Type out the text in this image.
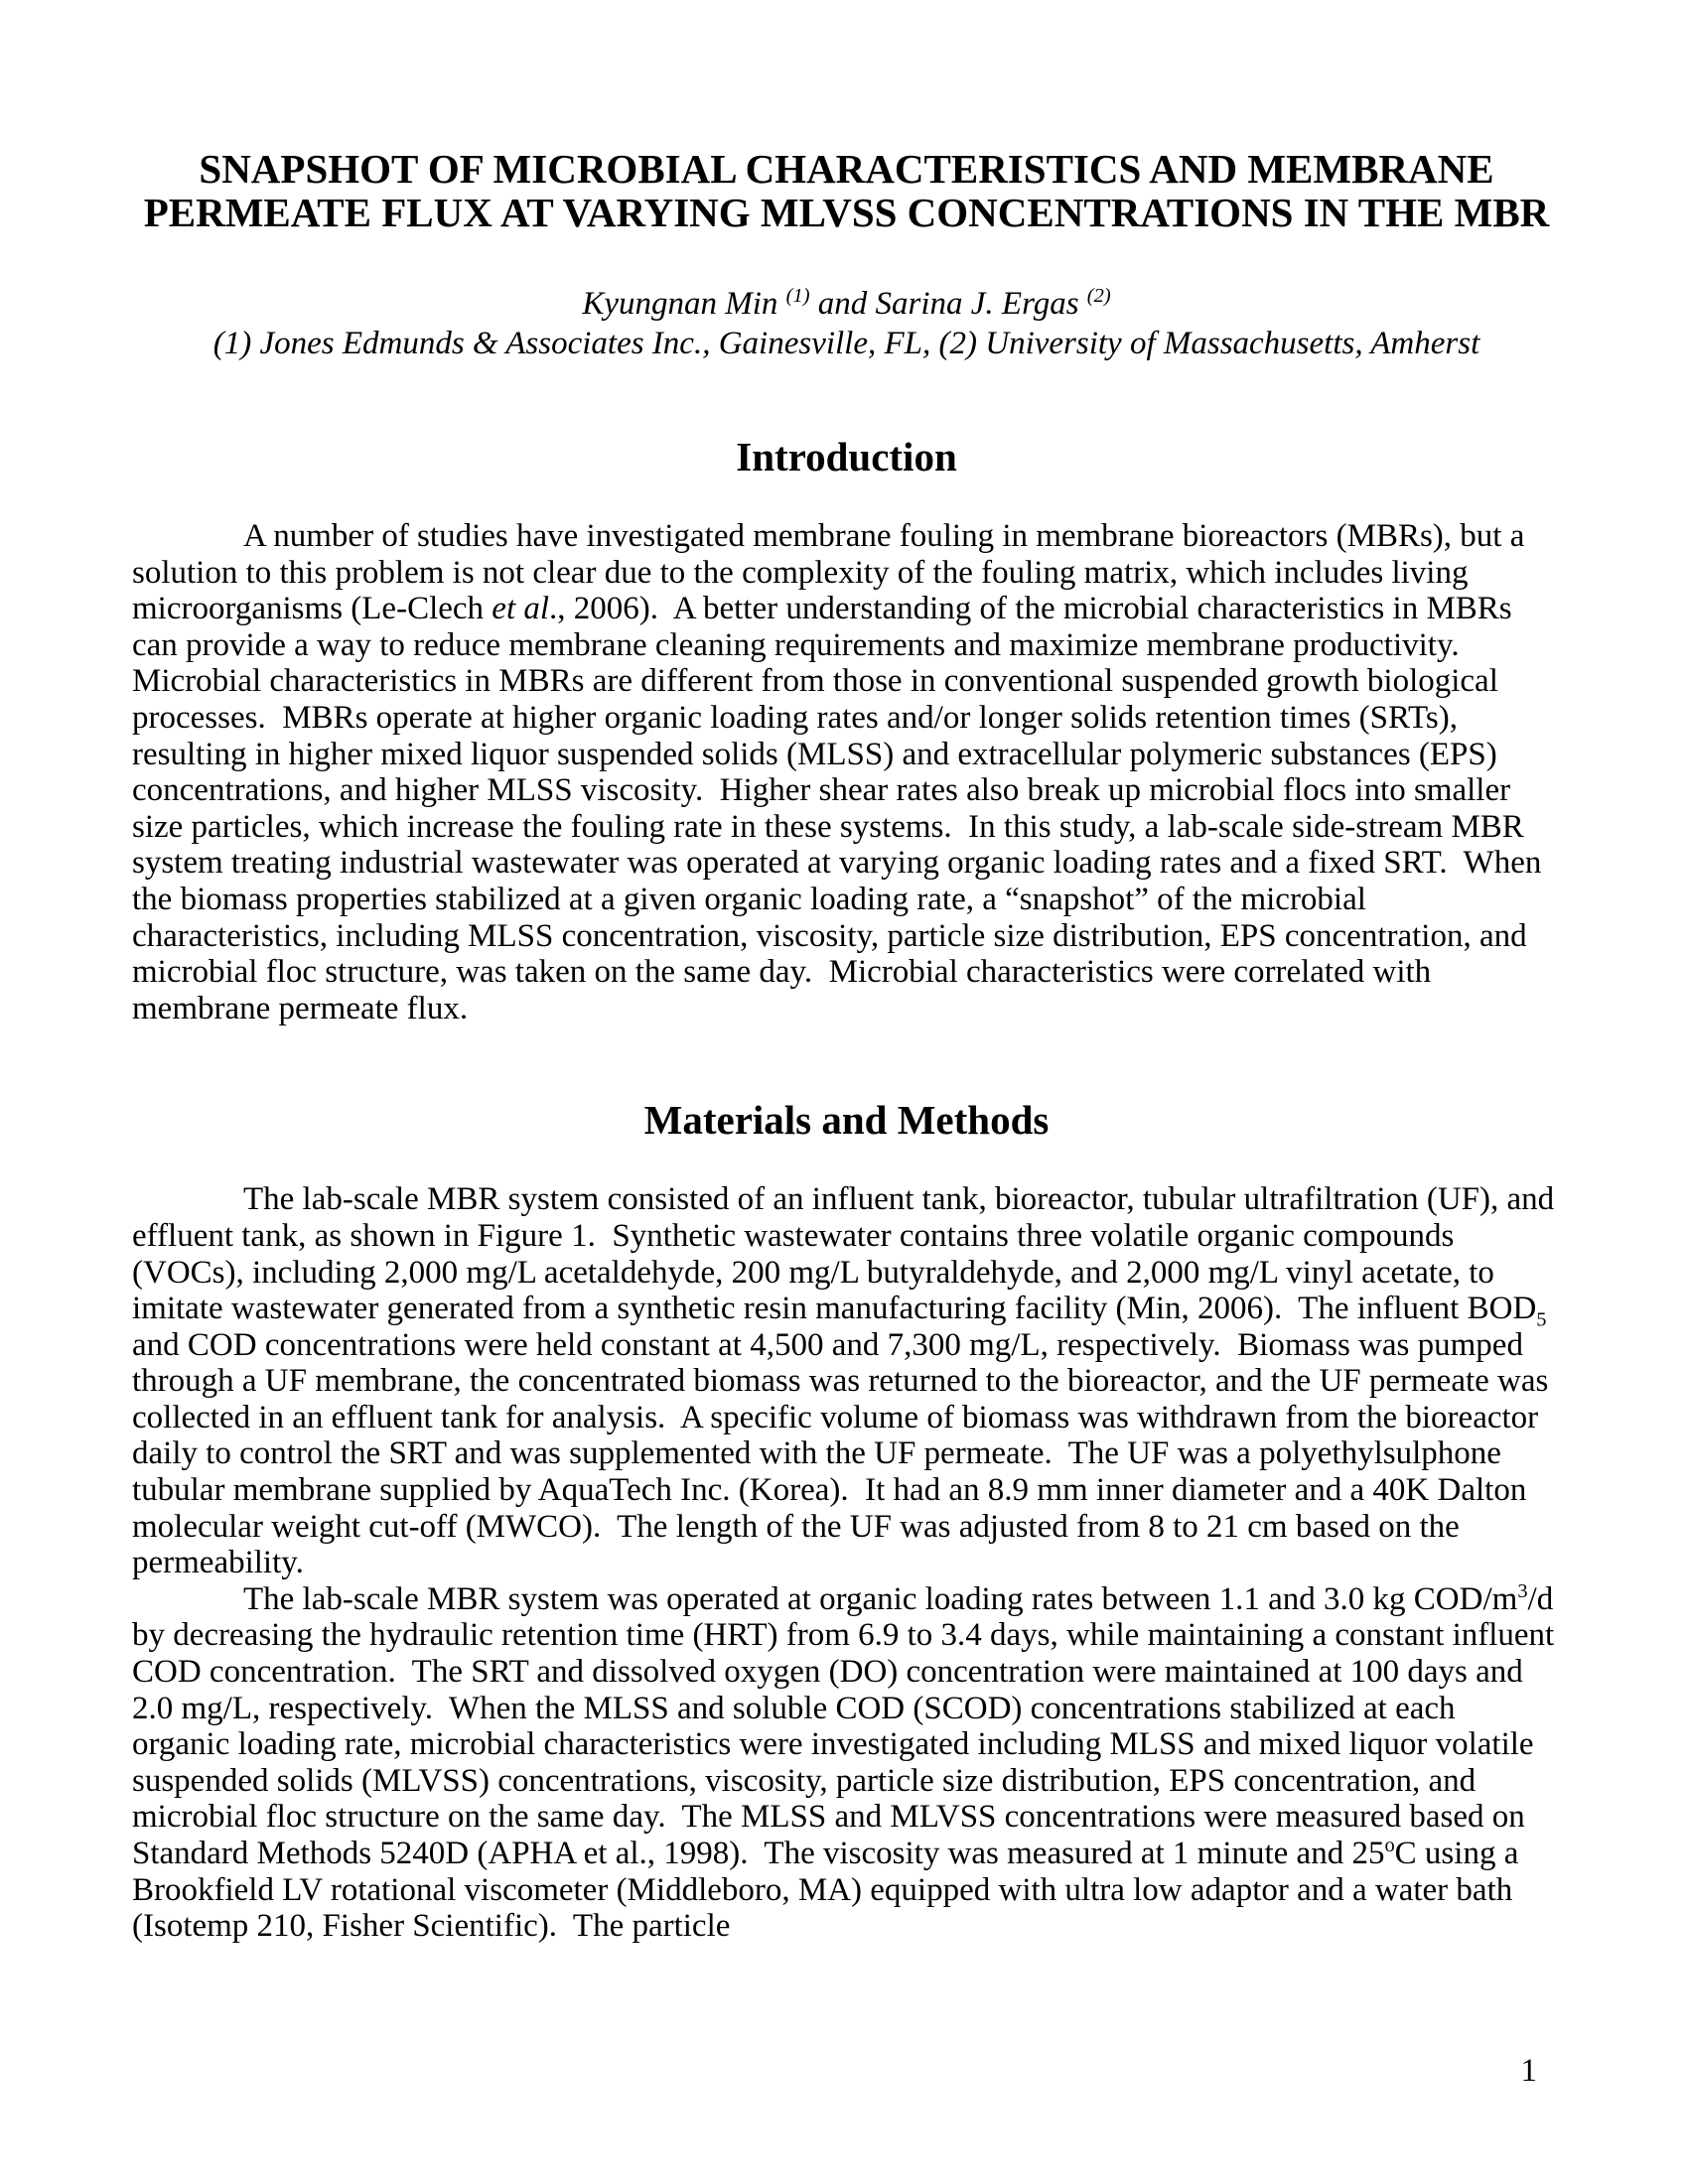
SNAPSHOT OF MICROBIAL CHARACTERISTICS AND MEMBRANE
PERMEATE FLUX AT VARYING MLVSS CONCENTRATIONS IN THE MBR
Kyungnan Min $^{(1)}$ and Sarina J. Ergas $^{(2)}$
(1) Jones Edmunds & Associates Inc., Gainesville, FL, (2) University of Massachusetts, Amherst
Introduction

A number of studies have investigated membrane fouling in membrane bioreactors (MBRs), but a solution to this problem is not clear due to the complexity of the fouling matrix, which includes living microorganisms (Le-Clech et al., 2006).  A better understanding of the microbial characteristics in MBRs can provide a way to reduce membrane cleaning requirements and maximize membrane productivity.  Microbial characteristics in MBRs are different from those in conventional suspended growth biological processes.  MBRs operate at higher organic loading rates and/or longer solids retention times (SRTs), resulting in higher mixed liquor suspended solids (MLSS) and extracellular polymeric substances (EPS) concentrations, and higher MLSS viscosity.  Higher shear rates also break up microbial flocs into smaller size particles, which increase the fouling rate in these systems.  In this study, a lab-scale side-stream MBR system treating industrial wastewater was operated at varying organic loading rates and a fixed SRT.  When the biomass properties stabilized at a given organic loading rate, a “snapshot” of the microbial characteristics, including MLSS concentration, viscosity, particle size distribution, EPS concentration, and microbial floc structure, was taken on the same day.  Microbial characteristics were correlated with membrane permeate flux.

Materials and Methods

The lab-scale MBR system consisted of an influent tank, bioreactor, tubular ultrafiltration (UF), and effluent tank, as shown in Figure 1.  Synthetic wastewater contains three volatile organic compounds (VOCs), including 2,000 mg/L acetaldehyde, 200 mg/L butyraldehyde, and 2,000 mg/L vinyl acetate, to imitate wastewater generated from a synthetic resin manufacturing facility (Min, 2006).  The influent $BOD_5$ and COD concentrations were held constant at 4,500 and 7,300 mg/L, respectively.  Biomass was pumped through a UF membrane, the concentrated biomass was returned to the bioreactor, and the UF permeate was collected in an effluent tank for analysis.  A specific volume of biomass was withdrawn from the bioreactor daily to control the SRT and was supplemented with the UF permeate.  The UF was a polyethylsulphone tubular membrane supplied by AquaTech Inc. (Korea).  It had an 8.9 mm inner diameter and a 40K Dalton molecular weight cut-off (MWCO).  The length of the UF was adjusted from 8 to 21 cm based on the permeability.

The lab-scale MBR system was operated at organic loading rates between 1.1 and 3.0 kg COD/$m^3/d$ by decreasing the hydraulic retention time (HRT) from 6.9 to 3.4 days, while maintaining a constant influent COD concentration.  The SRT and dissolved oxygen (DO) concentration were maintained at 100 days and 2.0 mg/L, respectively.  When the MLSS and soluble COD (SCOD) concentrations stabilized at each organic loading rate, microbial characteristics were investigated including MLSS and mixed liquor volatile suspended solids (MLVSS) concentrations, viscosity, particle size distribution, EPS concentration, and microbial floc structure on the same day.  The MLSS and MLVSS concentrations were measured based on Standard Methods 5240D (APHA et al., 1998).  The viscosity was measured at 1 minute and 25$^o$C using a Brookfield LV rotational viscometer (Middleboro, MA) equipped with ultra low adaptor and a water bath (Isotemp 210, Fisher Scientific).  The particle

1
